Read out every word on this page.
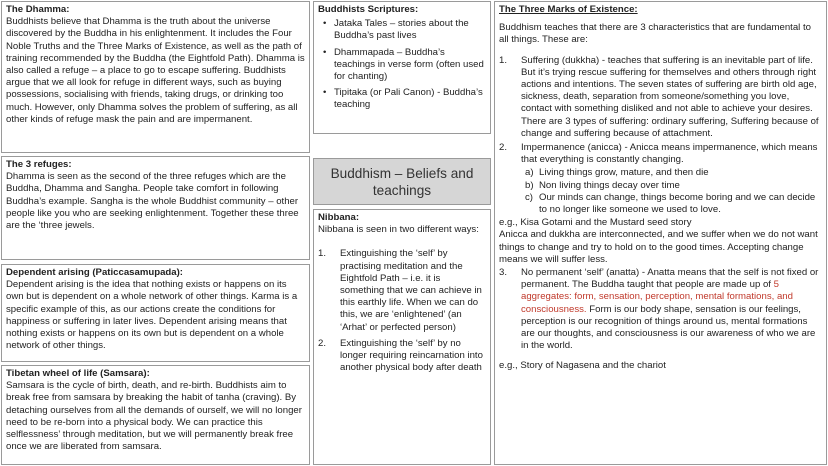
The Dhamma:

Buddhists believe that Dhamma is the truth about the universe discovered by the Buddha in his enlightenment. It includes the Four Noble Truths and the Three Marks of Existence, as well as the path of training recommended by the Buddha (the Eightfold Path). Dhamma is also called a refuge – a place to go to escape suffering. Buddhists argue that we all look for refuge in different ways, such as buying possessions, socialising with friends, taking drugs, or drinking too much. However, only Dhamma solves the problem of suffering, as all other kinds of refuge mask the pain and are impermanent.

The 3 refuges:

Dhamma is seen as the second of the three refuges which are the Buddha, Dhamma and Sangha. People take comfort in following Buddha’s example. Sangha is the whole Buddhist community – other people like you who are seeking enlightenment. Together these three are the ‘three jewels.

Dependent arising (Paticcasamupada):

Dependent arising is the idea that nothing exists or happens on its own but is dependent on a whole network of other things. Karma is a specific example of this, as our actions create the conditions for happiness or suffering in later lives. Dependent arising means that nothing exists or happens on its own but is dependent on a whole network of other things.

Tibetan wheel of life (Samsara):

Samsara is the cycle of birth, death, and re-birth. Buddhists aim to break free from samsara by breaking the habit of tanha (craving). By detaching ourselves from all the demands of ourself, we will no longer need to be re-born into a physical body. We can practice this selflessness’ through meditation, but we will permanently break free once we are liberated from samsara.

Buddhists Scriptures:
• Jataka Tales – stories about the Buddha’s past lives
• Dhammapada – Buddha’s teachings in verse form (often used for chanting)
• Tipitaka (or Pali Canon) - Buddha’s teaching
Buddhism – Beliefs and teachings
Nibbana:

Nibbana is seen in two different ways:

1. Extinguishing the ‘self’ by practising meditation and the Eightfold Path – i.e. it is something that we can achieve in this earthly life. When we can do this, we are ‘enlightened’ (an ‘Arhat’ or perfected person)
2. Extinguishing the ‘self’ by no longer requiring reincarnation into another physical body after death
The Three Marks of Existence:

Buddhism teaches that there are 3 characteristics that are fundamental to all things. These are:

1. Suffering (dukkha) - teaches that suffering is an inevitable part of life. But it’s trying rescue suffering for themselves and others through right actions and intentions. The seven states of suffering are birth old age, sickness, death, separation from someone/something you love, contact with something disliked and not able to achieve your desires. There are 3 types of suffering: ordinary suffering, Suffering because of change and suffering because of attachment.
2. Impermanence (anicca) - Anicca means impermanence, which means that everything is constantly changing.
a) Living things grow, mature, and then die
b) Non living things decay over time
c) Our minds can change, things become boring and we can decide to no longer like someone we used to love.

e.g., Kisa Gotami and the Mustard seed story

Anicca and dukkha are interconnected, and we suffer when we do not want things to change and try to hold on to the good times. Accepting change means we will suffer less.

3. No permanent ‘self’ (anatta) - Anatta means that the self is not fixed or permanent. The Buddha taught that people are made up of 5 aggregates: form, sensation, perception, mental formations, and consciousness. Form is our body shape, sensation is our feelings, perception is our recognition of things around us, mental formations are our thoughts, and consciousness is our awareness of who we are in the world.

e.g., Story of Nagasena and the chariot
